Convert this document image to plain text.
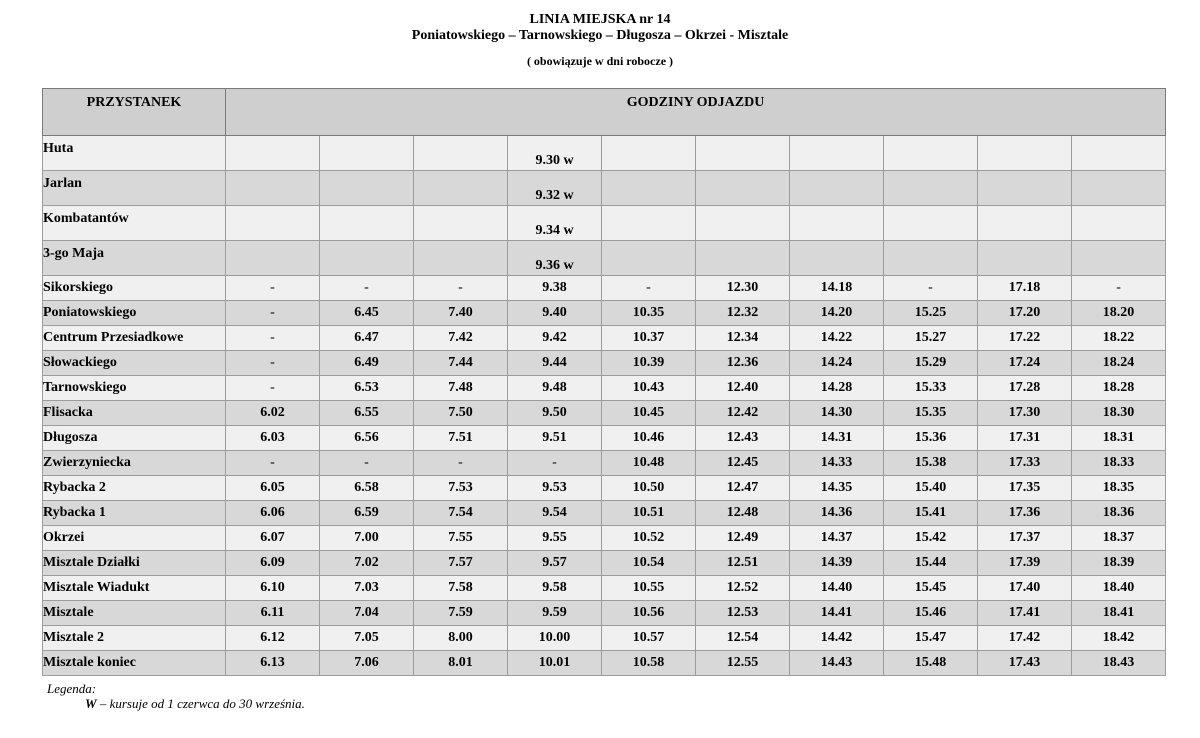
LINIA MIEJSKA nr 14
Poniatowskiego – Tarnowskiego – Długosza – Okrzei - Misztale
( obowiązuje w dni robocze )
PRZYSTANEK	GODZINY ODJAZDU									
Huta				9.30 w						
Jarlan				9.32 w						
Kombatantów				9.34 w						
3-go Maja				9.36 w						
Sikorskiego	-	-	-	9.38	-	12.30	14.18	-	17.18	-
Poniatowskiego	-	6.45	7.40	9.40	10.35	12.32	14.20	15.25	17.20	18.20
Centrum Przesiadkowe	-	6.47	7.42	9.42	10.37	12.34	14.22	15.27	17.22	18.22
Słowackiego	-	6.49	7.44	9.44	10.39	12.36	14.24	15.29	17.24	18.24
Tarnowskiego	-	6.53	7.48	9.48	10.43	12.40	14.28	15.33	17.28	18.28
Flisacka	6.02	6.55	7.50	9.50	10.45	12.42	14.30	15.35	17.30	18.30
Długosza	6.03	6.56	7.51	9.51	10.46	12.43	14.31	15.36	17.31	18.31
Zwierzyniecka	-	-	-	-	10.48	12.45	14.33	15.38	17.33	18.33
Rybacka 2	6.05	6.58	7.53	9.53	10.50	12.47	14.35	15.40	17.35	18.35
Rybacka 1	6.06	6.59	7.54	9.54	10.51	12.48	14.36	15.41	17.36	18.36
Okrzei	6.07	7.00	7.55	9.55	10.52	12.49	14.37	15.42	17.37	18.37
Misztale Działki	6.09	7.02	7.57	9.57	10.54	12.51	14.39	15.44	17.39	18.39
Misztale Wiadukt	6.10	7.03	7.58	9.58	10.55	12.52	14.40	15.45	17.40	18.40
Misztale	6.11	7.04	7.59	9.59	10.56	12.53	14.41	15.46	17.41	18.41
Misztale 2	6.12	7.05	8.00	10.00	10.57	12.54	14.42	15.47	17.42	18.42
Misztale koniec	6.13	7.06	8.01	10.01	10.58	12.55	14.43	15.48	17.43	18.43
Legenda:
W – kursuje od 1 czerwca do 30 września.
